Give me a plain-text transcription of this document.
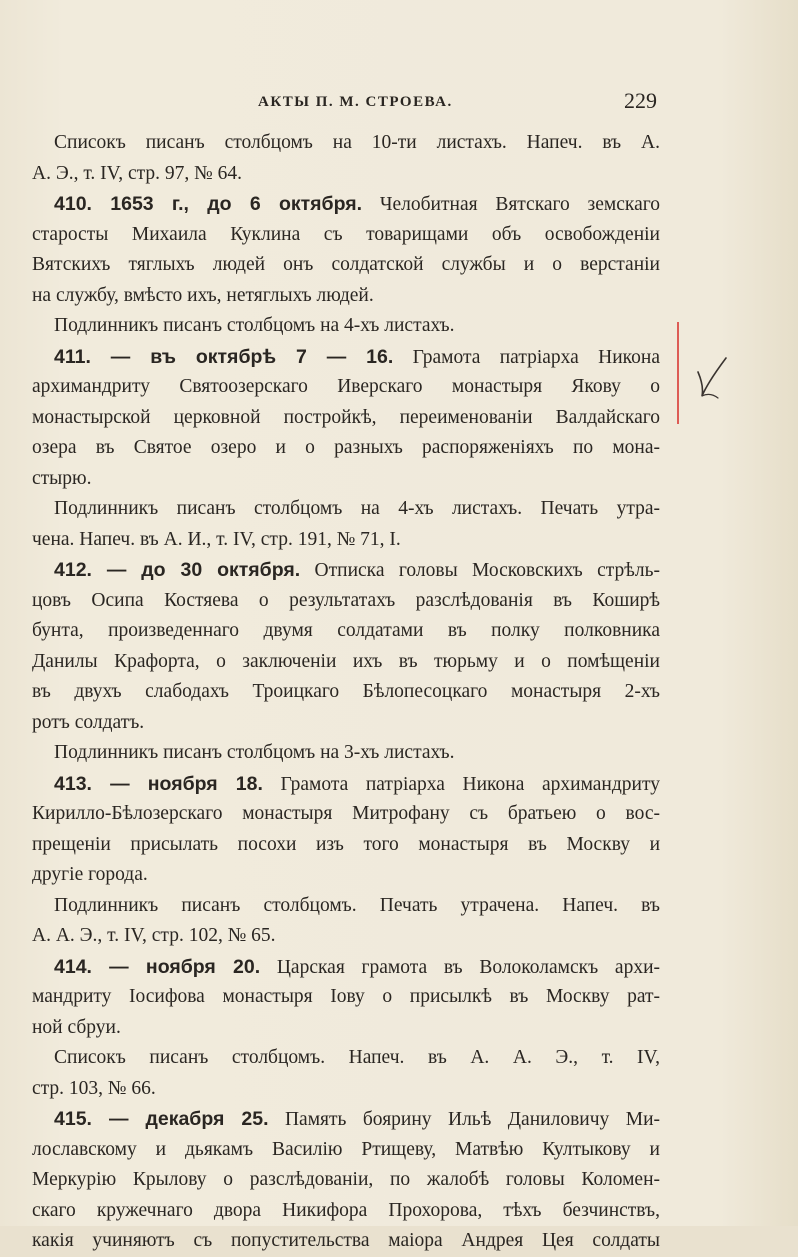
АКТЫ П. М. СТРОЕВА.	229
Списокъ писанъ столбцомъ на 10-ти листахъ. Напеч. въ А.
А. Э., т. IV, стр. 97, № 64.
410. 1653 г., до 6 октября. Челобитная Вятскаго земскаго
старосты Михаила Куклина съ товарищами объ освобожденiи
Вятскихъ тяглыхъ людей онъ солдатской службы и о верстанiи
на службу, вмѣсто ихъ, нетяглыхъ людей.
Подлинникъ писанъ столбцомъ на 4-хъ листахъ.
411. — въ октябрѣ 7 — 16. Грамота патрiарха Никона
архимандриту Святоозерскаго Иверскаго монастыря Якову о
монастырской церковной постройкѣ, переименованiи Валдайскаго
озера въ Святое озеро и о разныхъ распоряженiяхъ по мона-
стырю.
Подлинникъ писанъ столбцомъ на 4-хъ листахъ. Печать утра-
чена. Напеч. въ А. И., т. IV, стр. 191, № 71, I.
412. — до 30 октября. Отписка головы Московскихъ стрѣль-
цовъ Осипа Костяева о результатахъ разслѣдованiя въ Коширѣ
бунта, произведеннаго двумя солдатами въ полку полковника
Данилы Крафорта, о заключенiи ихъ въ тюрьму и о помѣщенiи
въ двухъ слабодахъ Троицкаго Бѣлопесоцкаго монастыря 2-хъ
ротъ солдатъ.
Подлинникъ писанъ столбцомъ на 3-хъ листахъ.
413. — ноября 18. Грамота патрiарха Никона архимандриту
Кирилло-Бѣлозерскаго монастыря Митрофану съ братьею о вос-
прещенiи присылать посохи изъ того монастыря въ Москву и
другiе города.
Подлинникъ писанъ столбцомъ. Печать утрачена. Напеч. въ
А. А. Э., т. IV, стр. 102, № 65.
414. — ноября 20. Царская грамота въ Волоколамскъ архи-
мандриту Iосифова монастыря Iову о присылкѣ въ Москву рат-
ной сбруи.
Списокъ писанъ столбцомъ. Напеч. въ А. А. Э., т. IV,
стр. 103, № 66.
415. — декабря 25. Память боярину Ильѣ Даниловичу Ми-
лославскому и дьякамъ Василiю Ртищеву, Матвѣю Култыкову и
Меркурiю Крылову о разслѣдованiи, по жалобѣ головы Коломен-
скаго кружечнаго двора Никифора Прохорова, тѣхъ безчинствъ,
какiя учиняютъ съ попустительства маiора Андрея Цея солдаты
